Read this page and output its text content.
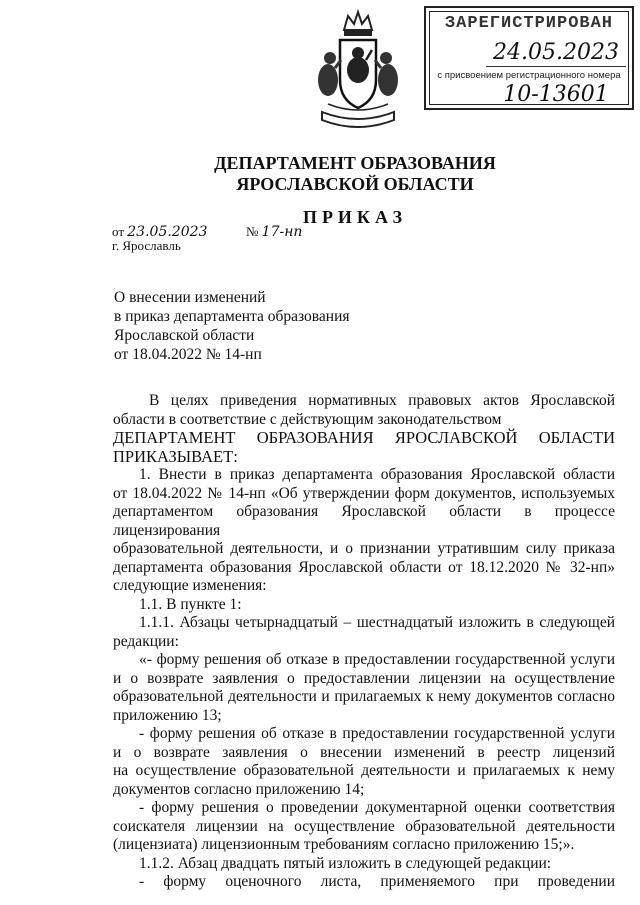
ЗАРЕГИСТРИРОВАН
24.05.2023
с присвоением регистрационного номера
10-13601
ДЕПАРТАМЕНТ ОБРАЗОВАНИЯ
ЯРОСЛАВСКОЙ ОБЛАСТИ
ПРИКАЗ
от 23.05.2023	№ 17-нп
г. Ярославль
О внесении изменений
в приказ департамента образования
Ярославской области
от 18.04.2022 № 14-нп

В целях приведения нормативных правовых актов Ярославской

области в соответствие с действующим законодательством

ДЕПАРТАМЕНТ ОБРАЗОВАНИЯ ЯРОСЛАВСКОЙ ОБЛАСТИ

ПРИКАЗЫВАЕТ:

1. Внести в приказ департамента образования Ярославской области

от 18.04.2022 № 14-нп «Об утверждении форм документов, используемых

департаментом образования Ярославской области в процессе лицензирования

образовательной деятельности, и о признании утратившим силу приказа

департамента образования Ярославской области от 18.12.2020 № 32-нп»

следующие изменения:

1.1. В пункте 1:

1.1.1. Абзацы четырнадцатый – шестнадцатый изложить в следующей

редакции:

«- форму решения об отказе в предоставлении государственной услуги

и о возврате заявления о предоставлении лицензии на осуществление

образовательной деятельности и прилагаемых к нему документов согласно

приложению 13;

- форму решения об отказе в предоставлении государственной услуги

и о возврате заявления о внесении изменений в реестр лицензий

на осуществление образовательной деятельности и прилагаемых к нему

документов согласно приложению 14;

- форму решения о проведении документарной оценки соответствия

соискателя лицензии на осуществление образовательной деятельности

(лицензиата) лицензионным требованиям согласно приложению 15;».

1.1.2. Абзац двадцать пятый изложить в следующей редакции:

- форму оценочного листа, применяемого при проведении
